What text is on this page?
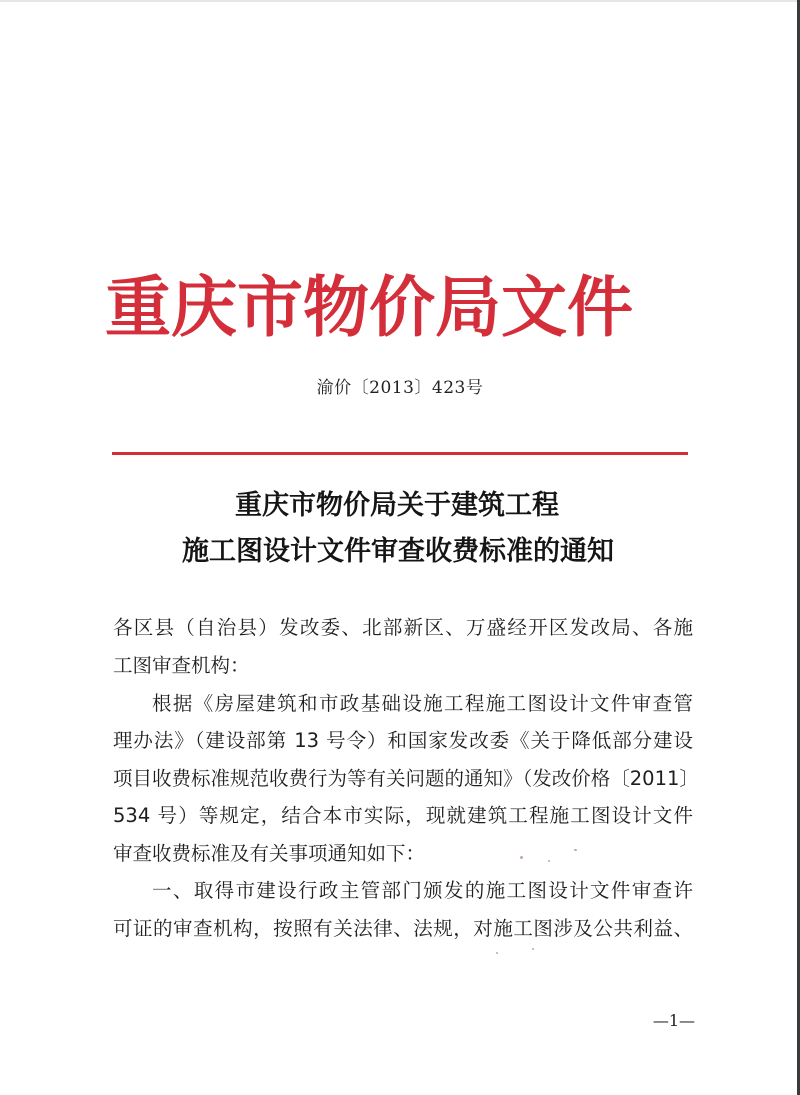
重庆市物价局文件
渝价〔2013〕423号
重庆市物价局关于建筑工程
施工图设计文件审查收费标准的通知
各区县（自治县）发改委、北部新区、万盛经开区发改局、各施
工图审查机构：
根据《房屋建筑和市政基础设施工程施工图设计文件审查管
理办法》（建设部第 13 号令）和国家发改委《关于降低部分建设
项目收费标准规范收费行为等有关问题的通知》（发改价格〔2011〕
534 号）等规定，结合本市实际，现就建筑工程施工图设计文件
审查收费标准及有关事项通知如下：
一、取得市建设行政主管部门颁发的施工图设计文件审查许
可证的审查机构，按照有关法律、法规，对施工图涉及公共利益、
—1—
